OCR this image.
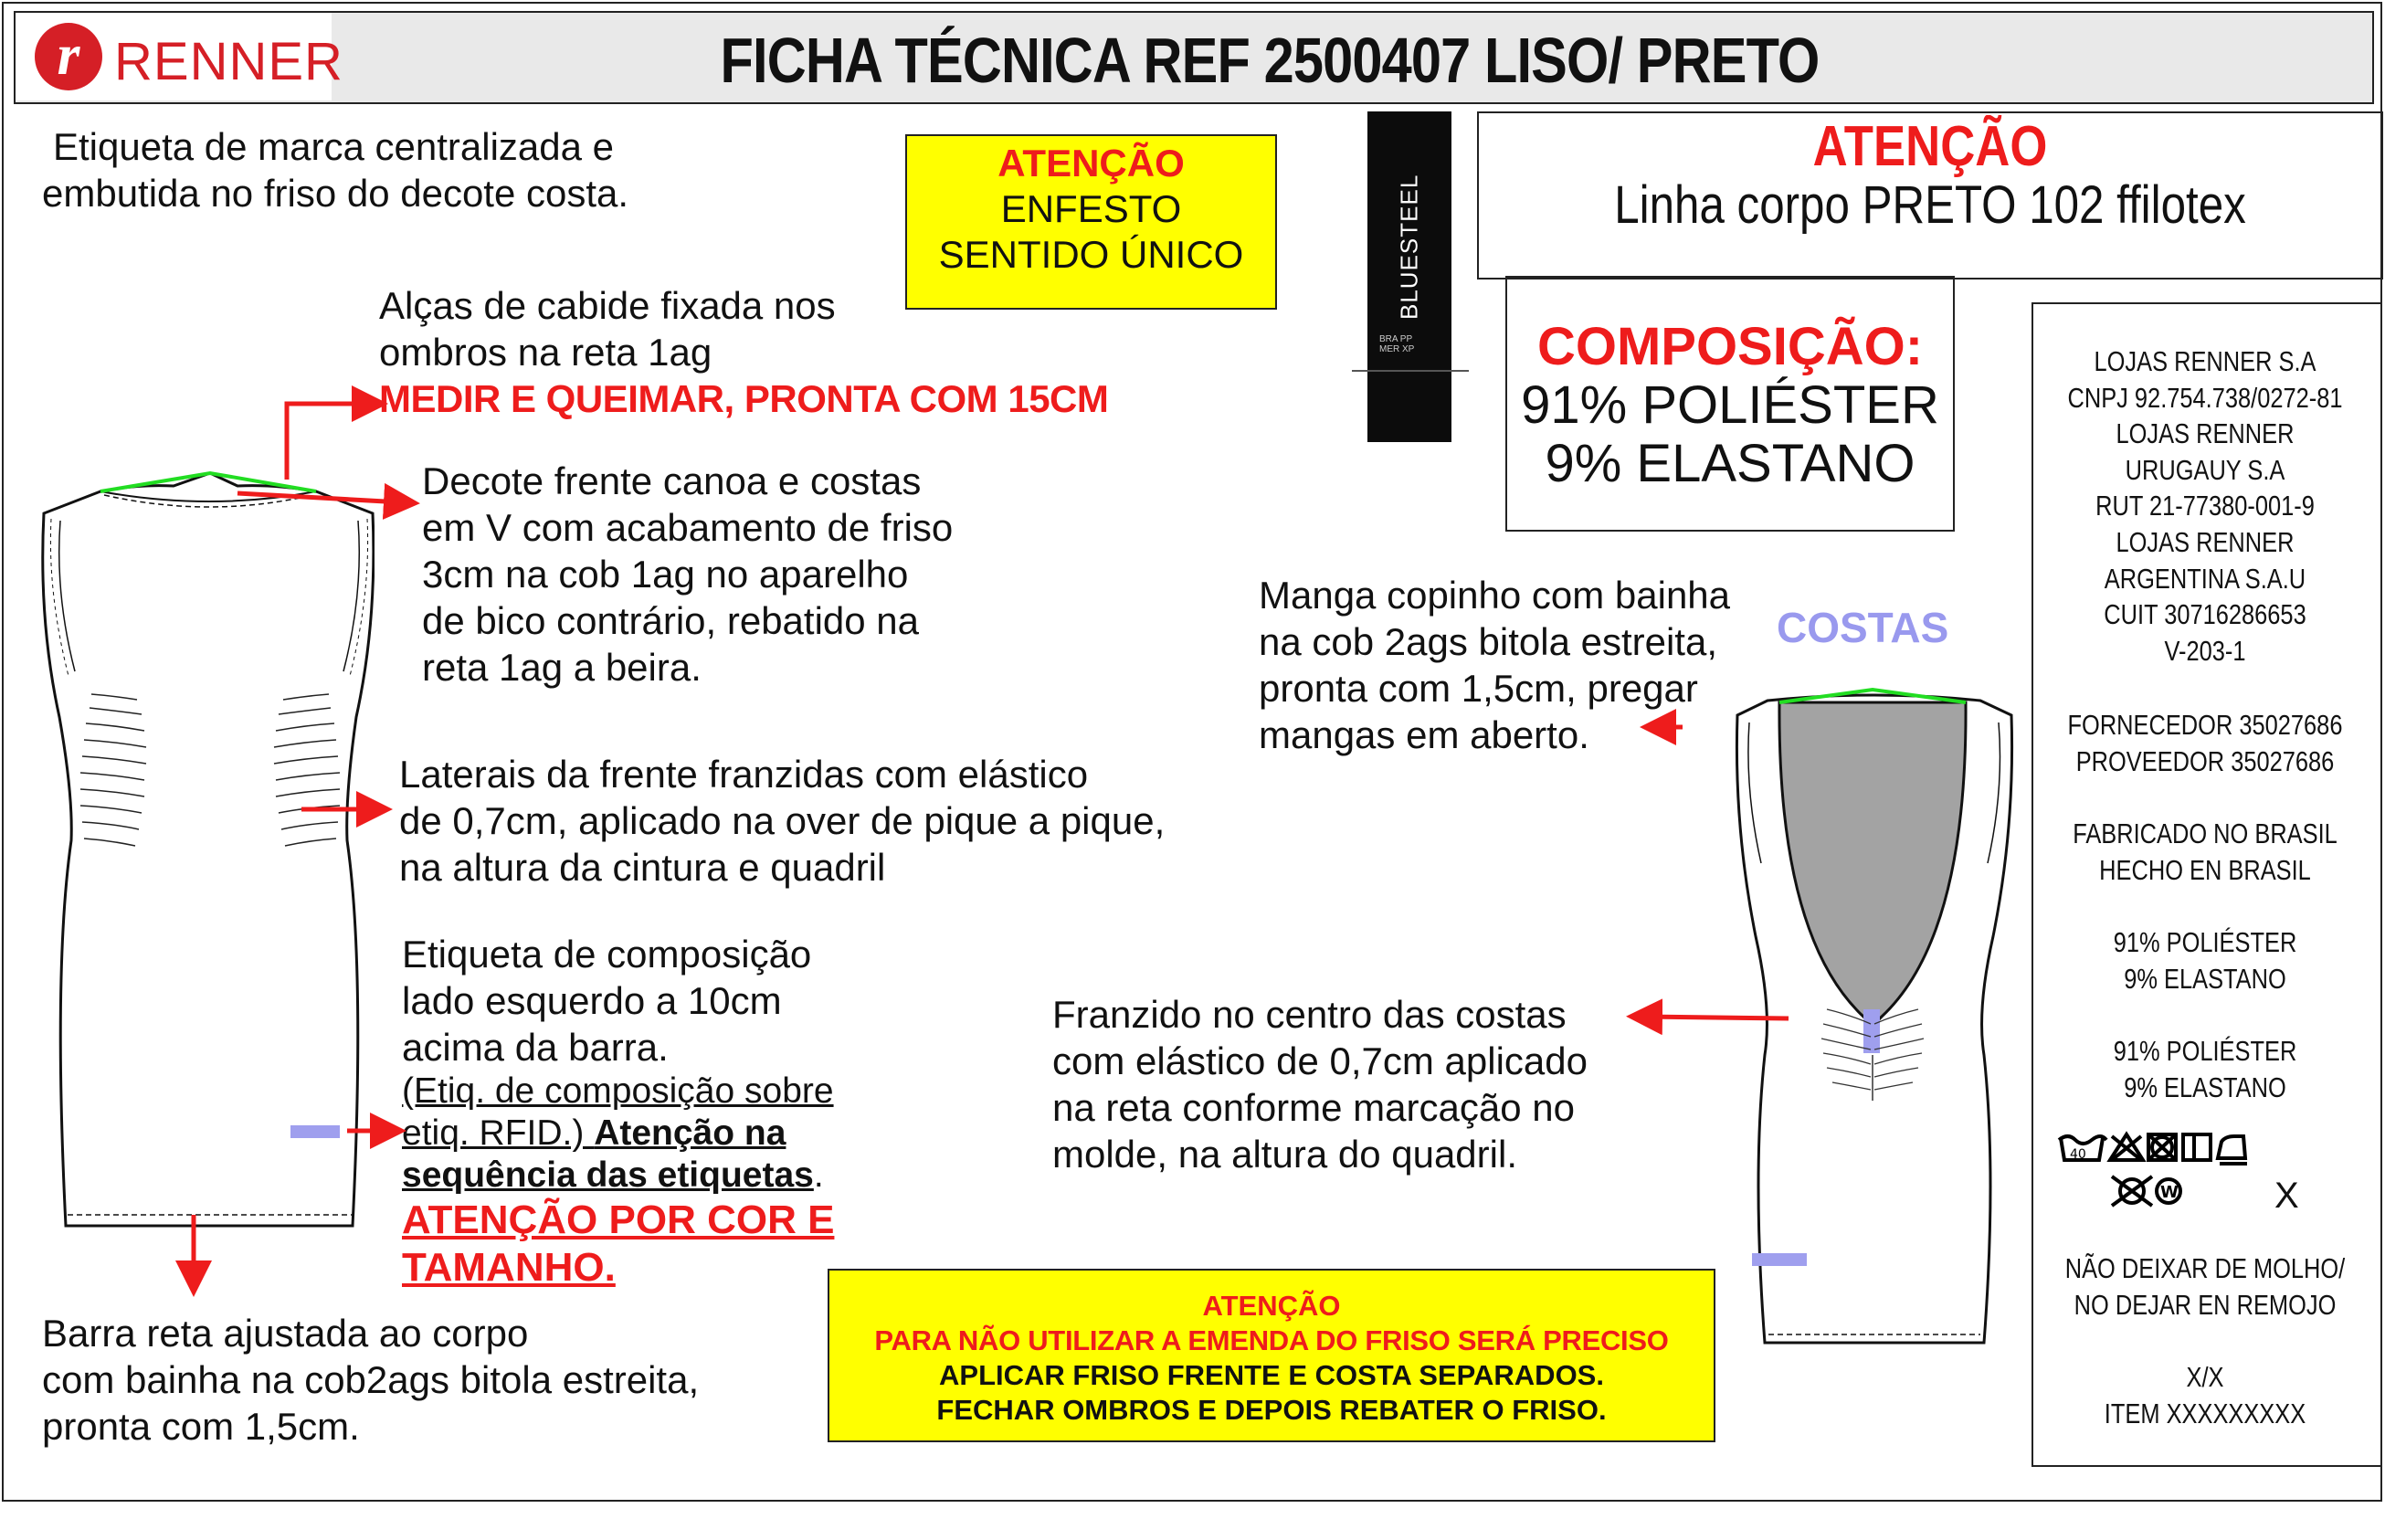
r RENNER	FICHA TÉCNICA REF 2500407 LISO/ PRETO
Etiqueta de marca centralizada e
embutida no friso do decote costa.
ATENÇÃO
ENFESTO
SENTIDO ÚNICO	BLUESTEEL
BRA PP
MER XP
ATENÇÃO
Linha corpo PRETO 102 ffilotex
COMPOSIÇÃO:
91% POLIÉSTER
9% ELASTANO
LOJAS RENNER S.A
CNPJ 92.754.738/0272-81
LOJAS RENNER
URUGAUY S.A
RUT 21-77380-001-9
LOJAS RENNER
ARGENTINA S.A.U
CUIT 30716286653
V-203-1
FORNECEDOR 35027686
PROVEEDOR 35027686
FABRICADO NO BRASIL
HECHO EN BRASIL
91% POLIÉSTER
9% ELASTANO
91% POLIÉSTER
9% ELASTANO
40
W	X
NÃO DEIXAR DE MOLHO/
NO DEJAR EN REMOJO
X/X
ITEM XXXXXXXXX
Alças de cabide fixada nos
ombros na reta 1ag
MEDIR E QUEIMAR, PRONTA COM 15CM
Decote frente canoa e costas
em V com acabamento de friso
3cm na cob 1ag no aparelho
de bico contrário, rebatido na
reta 1ag a beira.
Laterais da frente franzidas com elástico
de 0,7cm, aplicado na over de pique a pique,
na altura da cintura e quadril
Etiqueta de composição
lado esquerdo a 10cm
acima da barra.
(Etiq. de composição sobre
etiq. RFID.) Atenção na
sequência das etiquetas.
ATENÇÃO POR COR E
TAMANHO.
Barra reta ajustada ao corpo
com bainha na cob2ags bitola estreita,
pronta com 1,5cm.
Manga copinho com bainha
na cob 2ags bitola estreita,
pronta com 1,5cm, pregar
mangas em aberto.
COSTAS
Franzido no centro das costas
com elástico de 0,7cm aplicado
na reta conforme marcação no
molde, na altura do quadril.
ATENÇÃO
PARA NÃO UTILIZAR A EMENDA DO FRISO SERÁ PRECISO
APLICAR FRISO FRENTE E COSTA SEPARADOS.
FECHAR OMBROS E DEPOIS REBATER O FRISO.
